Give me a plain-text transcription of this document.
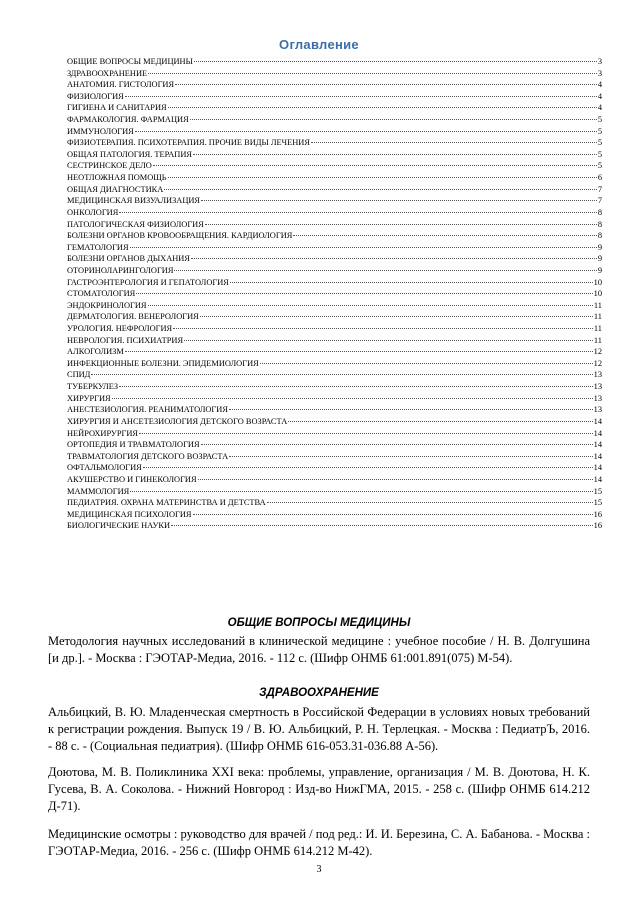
Оглавление
ОБЩИЕ ВОПРОСЫ МЕДИЦИНЫ	3
ЗДРАВООХРАНЕНИЕ	3
АНАТОМИЯ. ГИСТОЛОГИЯ	4
ФИЗИОЛОГИЯ	4
ГИГИЕНА И САНИТАРИЯ	4
ФАРМАКОЛОГИЯ. ФАРМАЦИЯ	5
ИММУНОЛОГИЯ	5
ФИЗИОТЕРАПИЯ. ПСИХОТЕРАПИЯ. ПРОЧИЕ ВИДЫ ЛЕЧЕНИЯ	5
ОБЩАЯ ПАТОЛОГИЯ. ТЕРАПИЯ	5
СЕСТРИНСКОЕ ДЕЛО	5
НЕОТЛОЖНАЯ ПОМОЩЬ	6
ОБЩАЯ ДИАГНОСТИКА	7
МЕДИЦИНСКАЯ ВИЗУАЛИЗАЦИЯ	7
ОНКОЛОГИЯ	8
ПАТОЛОГИЧЕСКАЯ ФИЗИОЛОГИЯ	8
БОЛЕЗНИ ОРГАНОВ КРОВООБРАЩЕНИЯ. КАРДИОЛОГИЯ	8
ГЕМАТОЛОГИЯ	9
БОЛЕЗНИ ОРГАНОВ ДЫХАНИЯ	9
ОТОРИНОЛАРИНГОЛОГИЯ	9
ГАСТРОЭНТЕРОЛОГИЯ И ГЕПАТОЛОГИЯ	10
СТОМАТОЛОГИЯ	10
ЭНДОКРИНОЛОГИЯ	11
ДЕРМАТОЛОГИЯ. ВЕНЕРОЛОГИЯ	11
УРОЛОГИЯ. НЕФРОЛОГИЯ	11
НЕВРОЛОГИЯ. ПСИХИАТРИЯ	11
АЛКОГОЛИЗМ	12
ИНФЕКЦИОННЫЕ БОЛЕЗНИ. ЭПИДЕМИОЛОГИЯ	12
СПИД	13
ТУБЕРКУЛЕЗ	13
ХИРУРГИЯ	13
АНЕСТЕЗИОЛОГИЯ. РЕАНИМАТОЛОГИЯ	13
ХИРУРГИЯ И АНСЕТЕЗИОЛОГИЯ ДЕТСКОГО ВОЗРАСТА	14
НЕЙРОХИРУРГИЯ	14
ОРТОПЕДИЯ И ТРАВМАТОЛОГИЯ	14
ТРАВМАТОЛОГИЯ ДЕТСКОГО ВОЗРАСТА	14
ОФТАЛЬМОЛОГИЯ	14
АКУШЕРСТВО И ГИНЕКОЛОГИЯ	14
МАММОЛОГИЯ	15
ПЕДИАТРИЯ. ОХРАНА МАТЕРИНСТВА И ДЕТСТВА	15
МЕДИЦИНСКАЯ ПСИХОЛОГИЯ	16
БИОЛОГИЧЕСКИЕ НАУКИ	16
ОБЩИЕ ВОПРОСЫ МЕДИЦИНЫ
Методология научных исследований в клинической медицине : учебное пособие / Н. В. Долгушина [и др.]. - Москва : ГЭОТАР-Медиа, 2016. - 112 с. (Шифр ОНМБ 61:001.891(075) М-54).
ЗДРАВООХРАНЕНИЕ
Альбицкий, В. Ю. Младенческая смертность в Российской Федерации в условиях новых требований к регистрации рождения. Выпуск 19 / В. Ю. Альбицкий, Р. Н. Терлецкая. - Москва : ПедиатрЪ, 2016. - 88 с. - (Социальная педиатрия). (Шифр ОНМБ 616-053.31-036.88 А-56).
Доютова, М. В. Поликлиника XXI века: проблемы, управление, организация / М. В. Доютова, Н. К. Гусева, В. А. Соколова. - Нижний Новгород : Изд-во НижГМА, 2015. - 258 с. (Шифр ОНМБ 614.212 Д-71).
Медицинские осмотры : руководство для врачей / под ред.: И. И. Березина, С. А. Бабанова. - Москва : ГЭОТАР-Медиа, 2016. - 256 с. (Шифр ОНМБ 614.212 М-42).
3
